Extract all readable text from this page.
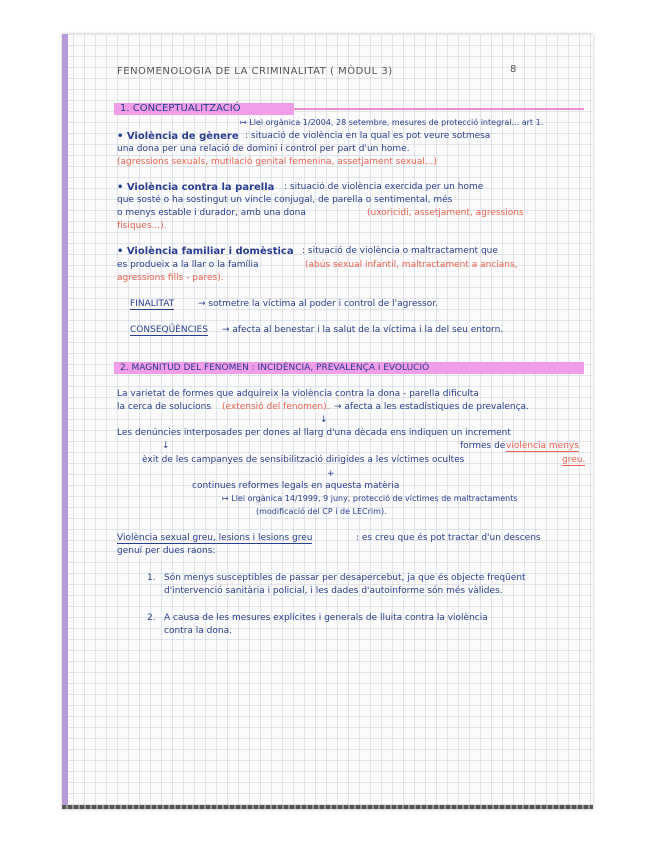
FENOMENOLOGIA DE LA CRIMINALITAT ( MÒDUL 3)	8
1. CONCEPTUALITZACIÓ
↦ Llei orgànica 1/2004, 28 setembre, mesures de protecció integral... art 1.
• Violència de gènere : situació de violència en la qual es pot veure sotmesa
una dona per una relació de domini i control per part d'un home.
(agressions sexuals, mutilació genital femenina, assetjament sexual...)
• Violència contra la parella : situació de violència exercida per un home
que sosté o ha sostingut un vincle conjugal, de parella o sentimental, més
o menys estable i durador, amb una dona	(uxoricidi, assetjament, agressions
físiques...).
• Violència familiar i domèstica : situació de violència o maltractament que
es produeix a la llar o la família	(abús sexual infantil, maltractament a ancians,
agressions fills - pares).
FINALITAT	→ sotmetre la víctima al poder i control de l'agressor.
CONSEQÜÈNCIES → afecta al benestar i la salut de la víctima i la del seu entorn.
2. MAGNITUD DEL FENOMEN : INCIDÈNCIA, PREVALENÇA i EVOLUCIÓ
La varietat de formes que adquireix la violència contra la dona - parella dificulta
la cerca de solucions (extensió del fenomen). → afecta a les estadístiques de prevalença.
↓
Les denúncies interposades per dones al llarg d'una dècada ens indiquen un increment
↓	formes de violència menys
èxit de les campanyes de sensibilització dirigides a les víctimes ocultes	greu.
+
continues reformes legals en aquesta matèria
↦ Llei orgànica 14/1999, 9 juny, protecció de víctimes de maltractaments
(modificació del CP i de LECrim).
Violència sexual greu, lesions i lesions greu	: es creu que és pot tractar d'un descens
genuí per dues raons:
1. Són menys susceptibles de passar per desapercebut, ja que és objecte freqüent
d'intervenció sanitària i policial, i les dades d'autoinforme són més vàlides.
2. A causa de les mesures explícites i generals de lluita contra la violència
contra la dona.
